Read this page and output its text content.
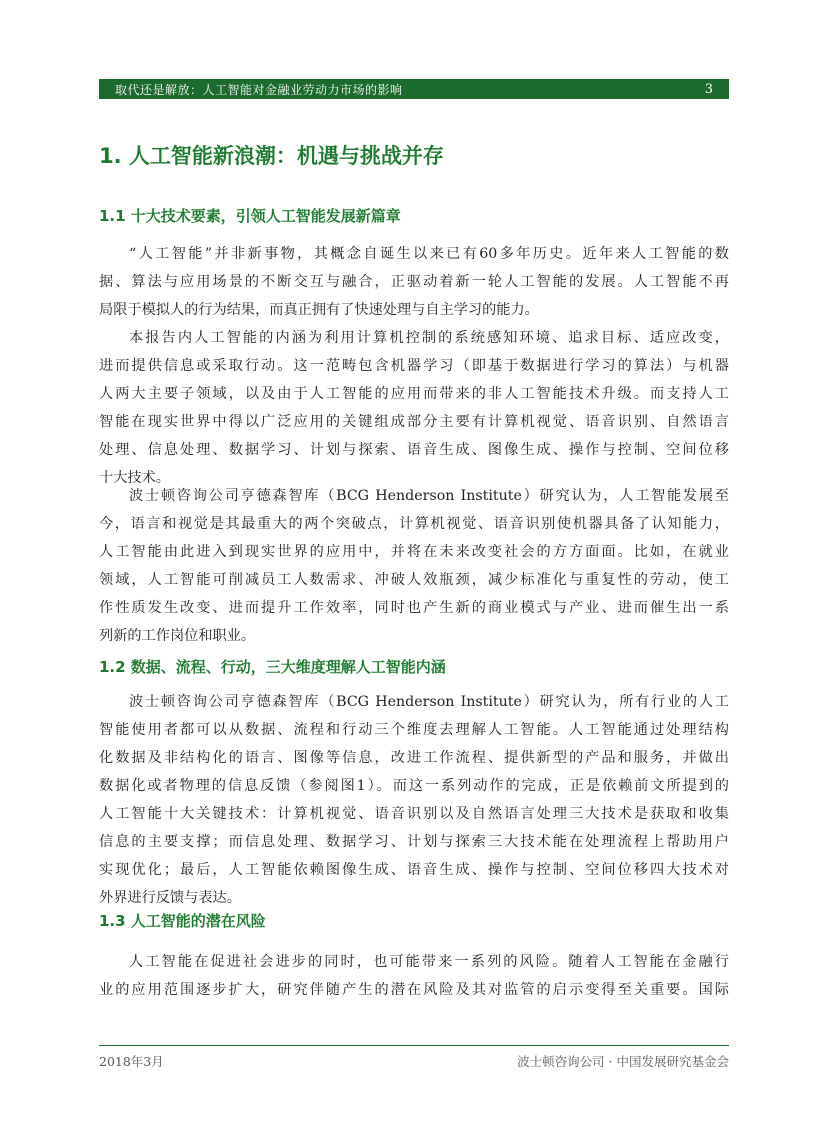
取代还是解放：人工智能对金融业劳动力市场的影响	3
1. 人工智能新浪潮：机遇与挑战并存
1.1 十大技术要素，引领人工智能发展新篇章
“人工智能”并非新事物，其概念自诞生以来已有60多年历史。近年来人工智能的数
据、算法与应用场景的不断交互与融合，正驱动着新一轮人工智能的发展。人工智能不再
局限于模拟人的行为结果，而真正拥有了快速处理与自主学习的能力。
本报告内人工智能的内涵为利用计算机控制的系统感知环境、追求目标、适应改变，
进而提供信息或采取行动。这一范畴包含机器学习（即基于数据进行学习的算法）与机器
人两大主要子领域，以及由于人工智能的应用而带来的非人工智能技术升级。而支持人工
智能在现实世界中得以广泛应用的关键组成部分主要有计算机视觉、语音识别、自然语言
处理、信息处理、数据学习、计划与探索、语音生成、图像生成、操作与控制、空间位移
十大技术。
波士顿咨询公司亨德森智库（BCG Henderson Institute）研究认为，人工智能发展至
今，语言和视觉是其最重大的两个突破点，计算机视觉、语音识别使机器具备了认知能力，
人工智能由此进入到现实世界的应用中，并将在未来改变社会的方方面面。比如，在就业
领域，人工智能可削减员工人数需求、冲破人效瓶颈，减少标准化与重复性的劳动，使工
作性质发生改变、进而提升工作效率，同时也产生新的商业模式与产业、进而催生出一系
列新的工作岗位和职业。
1.2 数据、流程、行动，三大维度理解人工智能内涵
波士顿咨询公司亨德森智库（BCG Henderson Institute）研究认为，所有行业的人工
智能使用者都可以从数据、流程和行动三个维度去理解人工智能。人工智能通过处理结构
化数据及非结构化的语言、图像等信息，改进工作流程、提供新型的产品和服务，并做出
数据化或者物理的信息反馈（参阅图1）。而这一系列动作的完成，正是依赖前文所提到的
人工智能十大关键技术：计算机视觉、语音识别以及自然语言处理三大技术是获取和收集
信息的主要支撑；而信息处理、数据学习、计划与探索三大技术能在处理流程上帮助用户
实现优化；最后，人工智能依赖图像生成、语音生成、操作与控制、空间位移四大技术对
外界进行反馈与表达。
1.3 人工智能的潜在风险
人工智能在促进社会进步的同时，也可能带来一系列的风险。随着人工智能在金融行
业的应用范围逐步扩大，研究伴随产生的潜在风险及其对监管的启示变得至关重要。国际
2018年3月	波士顿咨询公司 · 中国发展研究基金会
